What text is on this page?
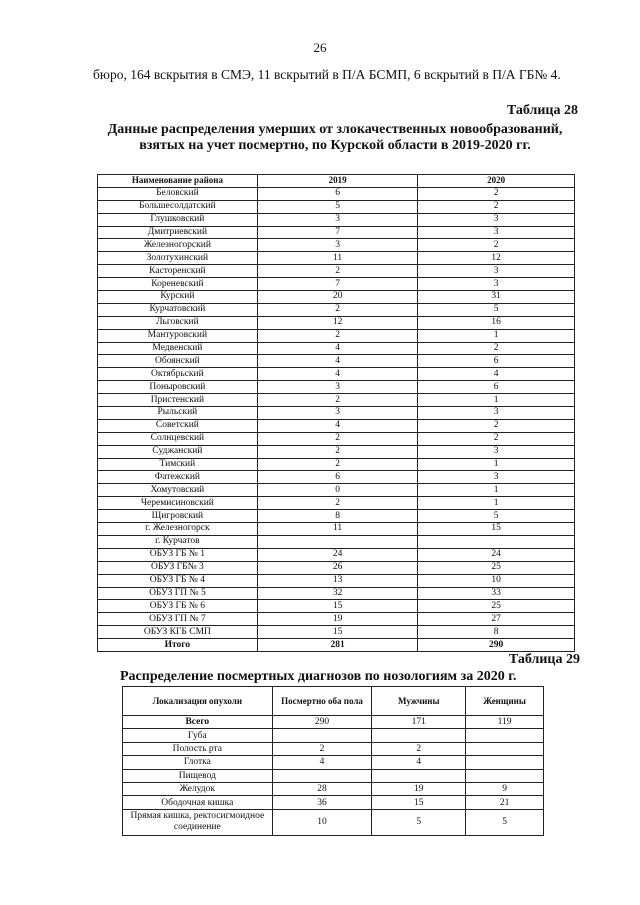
26
бюро, 164 вскрытия в СМЭ, 11 вскрытий в П/А БСМП, 6 вскрытий в П/А ГБ№ 4.
Таблица 28
Данные распределения умерших от злокачественных новообразований, взятых на учет посмертно, по Курской области в 2019-2020 гг.
Наименование района	2019	2020
Беловский	6	2
Большесолдатский	5	2
Глушковский	3	3
Дмитриевский	7	3
Железногорский	3	2
Золотухинский	11	12
Касторенский	2	3
Кореневский	7	3
Курский	20	31
Курчатовский	2	5
Льговский	12	16
Мантуровский	2	1
Медвенский	4	2
Обоянский	4	6
Октябрьский	4	4
Поныровский	3	6
Пристенский	2	1
Рыльский	3	3
Советский	4	2
Солнцевский	2	2
Суджанский	2	3
Тимский	2	1
Фатежский	6	3
Хомутовский	0	1
Черемисиновский	2	1
Щигровский	8	5
г. Железногорск	11	15
г. Курчатов		
ОБУЗ ГБ № 1	24	24
ОБУЗ ГБ№ 3	26	25
ОБУЗ ГБ № 4	13	10
ОБУЗ ГП № 5	32	33
ОБУЗ ГБ № 6	15	25
ОБУЗ ГП № 7	19	27
ОБУЗ КГБ СМП	15	8
Итого	281	290
Таблица 29
Распределение посмертных диагнозов по нозологиям за 2020 г.
Локализация опухоли	Посмертно оба пола	Мужчины	Женщины
Всего	290	171	119
Губа			
Полость рта	2	2	
Глотка	4	4	
Пищевод			
Желудок	28	19	9
Ободочная кишка	36	15	21
Прямая кишка, ректосигмоидное соединение	10	5	5
